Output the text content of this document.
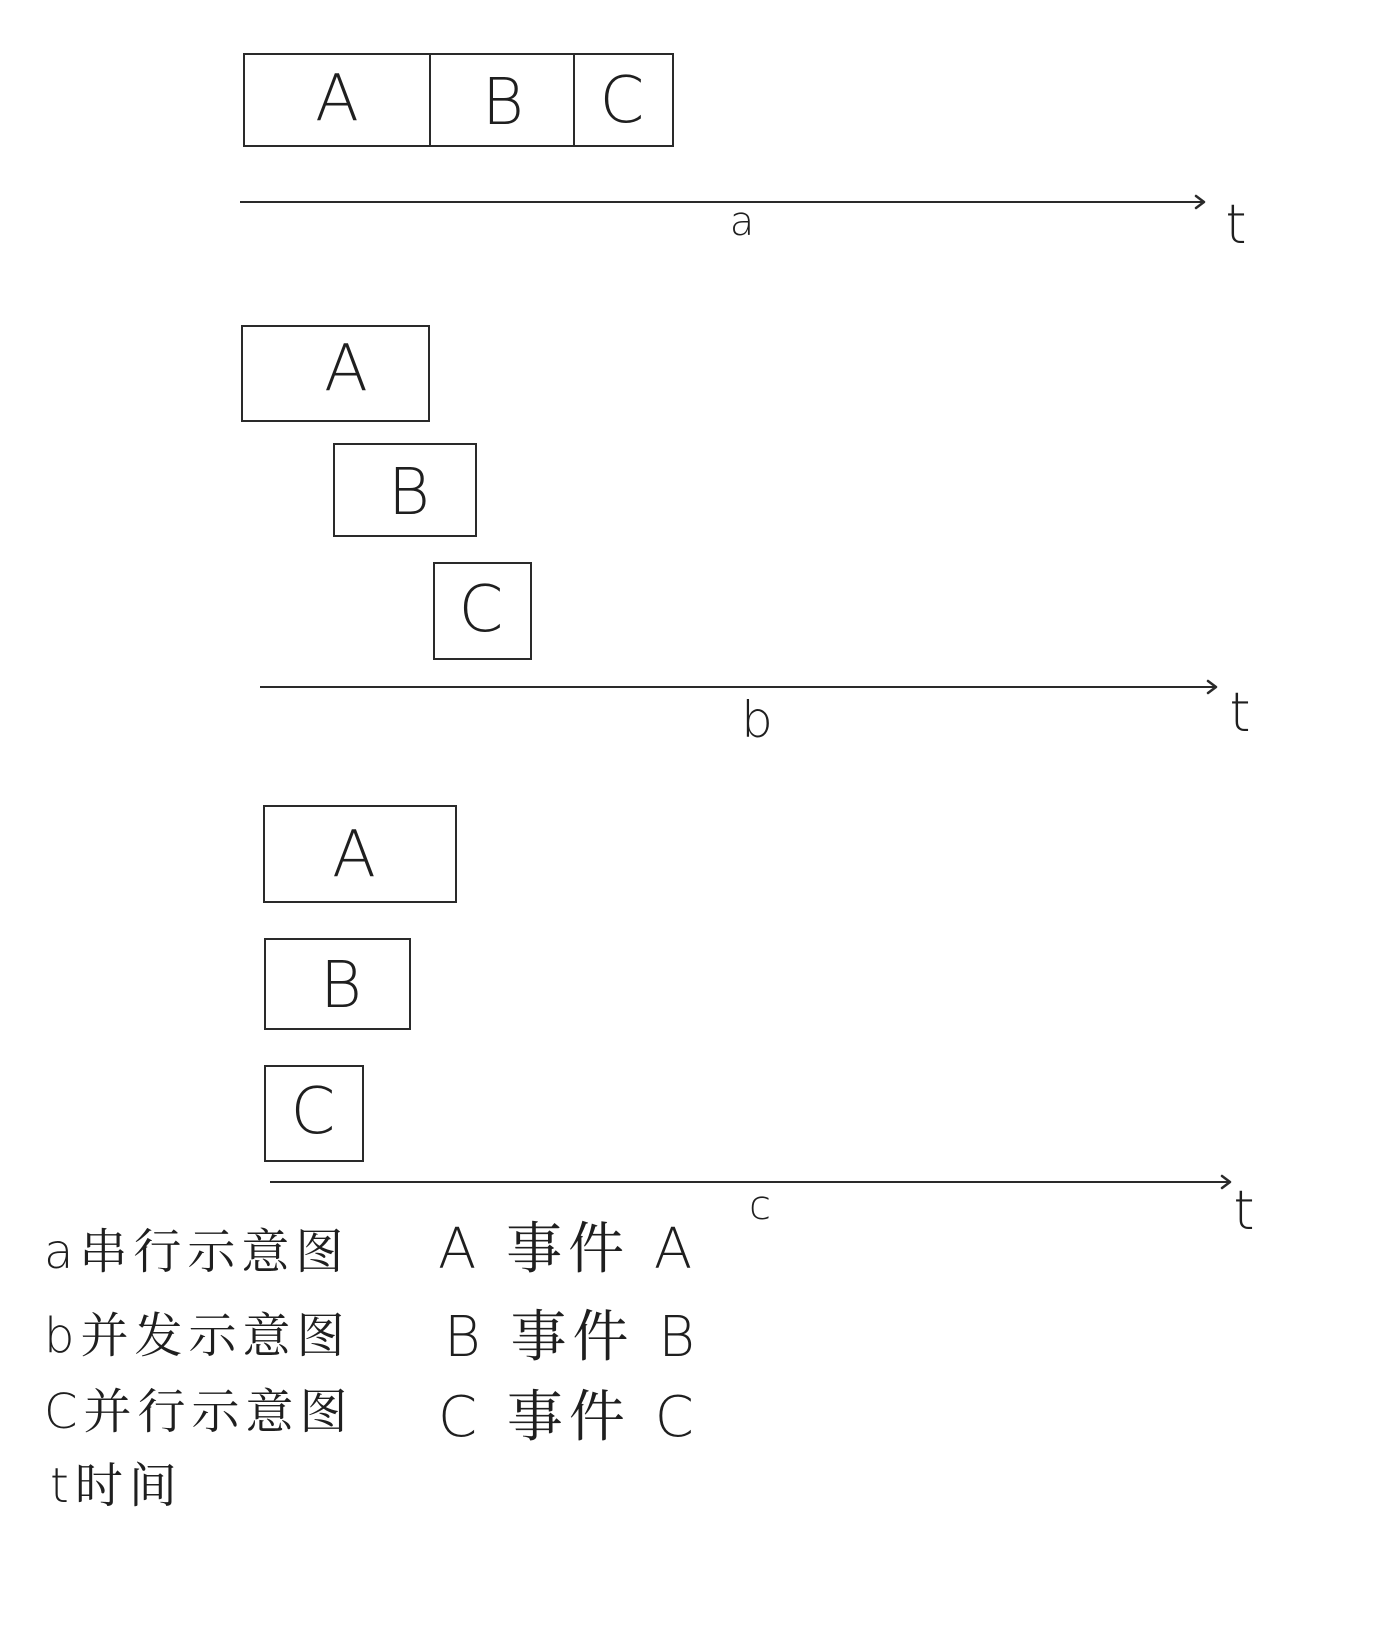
A B C
a	t
A
B
C
b	t
A
B
C
c	t
a串行示意图
b并发示意图
C并行示意图
t时间
A 事件 A
B 事件 B
C 事件 C
